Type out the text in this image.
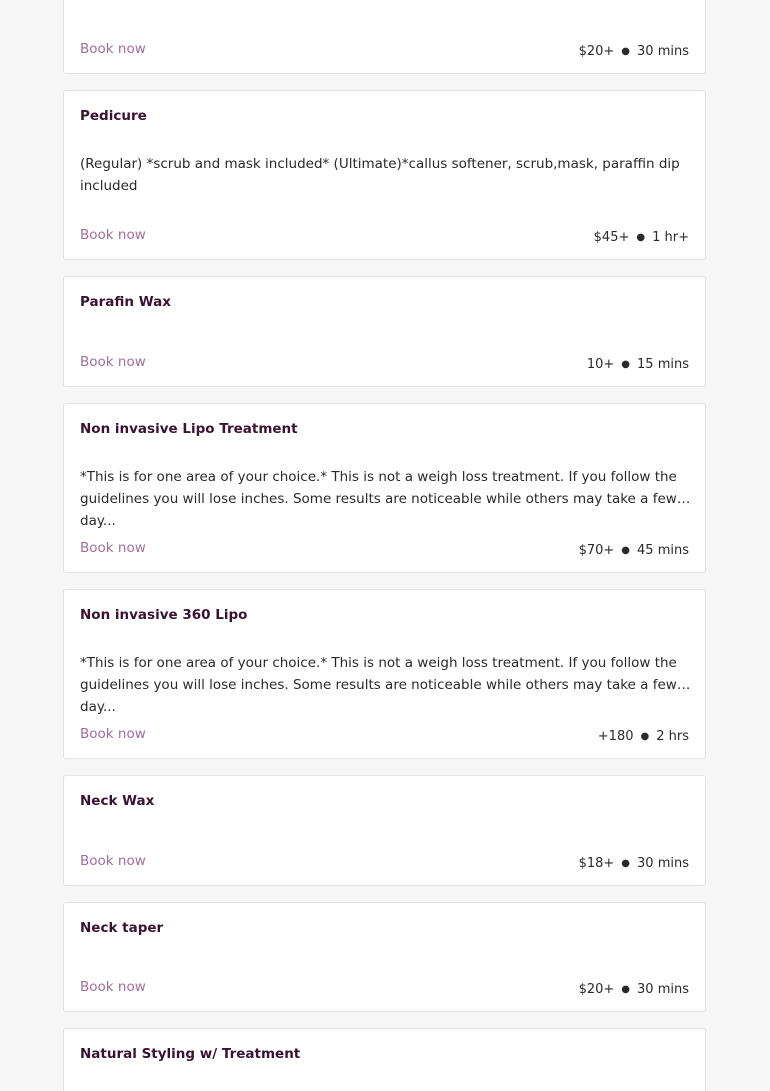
Book now	$20+ ● 30 mins
Pedicure
(Regular) *scrub and mask included* (Ultimate)*callus softener, scrub,mask, paraffin dip included
Book now	$45+ ● 1 hr+
Parafin Wax
Book now	10+ ● 15 mins
Non invasive Lipo Treatment
*This is for one area of your choice.* This is not a weigh loss treatment. If you follow the guidelines you will lose inches. Some results are noticeable while others may take a few day...
Book now	$70+ ● 45 mins
Non invasive 360 Lipo
*This is for one area of your choice.* This is not a weigh loss treatment. If you follow the guidelines you will lose inches. Some results are noticeable while others may take a few day...
Book now	+180 ● 2 hrs
Neck Wax
Book now	$18+ ● 30 mins
Neck taper
Book now	$20+ ● 30 mins
Natural Styling w/ Treatment
